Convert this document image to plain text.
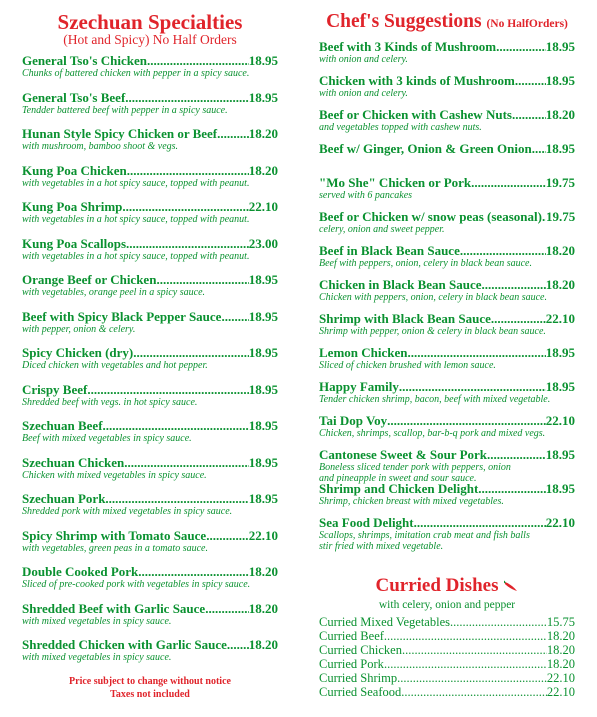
Szechuan Specialties
(Hot and Spicy) No Half Orders
General Tso's Chicken .....	18.95
Chunks of battered chicken with pepper in a spicy sauce.
General Tso's Beef .....	18.95
Tendder battered beef with pepper in a spicy sauce.
Hunan Style Spicy Chicken or Beef ..... 18.20
with mushroom, bamboo shoot & vegs.
Kung Poa Chicken .....	18.20
with vegetables in a hot spicy sauce, topped with peanut.
Kung Poa Shrimp .....	22.10
with vegetables in a hot spicy sauce, topped with peanut.
Kung Poa Scallops .....	23.00
with vegetables in a hot spicy sauce, topped with peanut.
Orange Beef or Chicken .....	18.95
with vegetables, orange peel in a spicy sauce.
Beef with Spicy Black Pepper Sauce ..... 18.95
with pepper, onion & celery.
Spicy Chicken (dry) .....	18.95
Diced chicken with vegetables and hot pepper.
Crispy Beef .....	18.95
Shredded beef with vegs. in hot spicy sauce.
Szechuan Beef .....	18.95
Beef with mixed vegetables in spicy sauce.
Szechuan Chicken .....	18.95
Chicken with mixed vegetables in spicy sauce.
Szechuan Pork .....	18.95
Shredded pork with mixed vegetables in spicy sauce.
Spicy Shrimp with Tomato Sauce .....	22.10
with vegetables, green peas in a tomato sauce.
Double Cooked Pork .....	18.20
Sliced of pre-cooked pork with vegetables in spicy sauce.
Shredded Beef with Garlic Sauce .....	18.20
with mixed vegetables in spicy sauce.
Shredded Chicken with Garlic Sauce ..... 18.20
with mixed vegetables in spicy sauce.
Price subject to change without notice
Taxes not included
Chef's Suggestions (No HalfOrders)
Beef with 3 Kinds of Mushroom .....	18.95
with onion and celery.
Chicken with 3 kinds of Mushroom ..... 18.95
with onion and celery.
Beef or Chicken with Cashew Nuts .....	18.20
and vegetables topped with cashew nuts.
Beef w/ Ginger, Onion & Green Onion ..... 18.95
"Mo She" Chicken or Pork .....	19.75
served with 6 pancakes
Beef or Chicken w/ snow peas (seasonal) ..... 19.75
celery, onion and sweet pepper.
Beef in Black Bean Sauce .....	18.20
Beef with peppers, onion, celery in black bean sauce.
Chicken in Black Bean Sauce .....	18.20
Chicken with peppers, onion, celery in black bean sauce.
Shrimp with Black Bean Sauce .....	22.10
Shrimp with pepper, onion & celery in black bean sauce.
Lemon Chicken .....	18.95
Sliced of chicken brushed with lemon sauce.
Happy Family .....	18.95
Tender chicken shrimp, bacon, beef with mixed vegetable.
Tai Dop Voy .....	22.10
Chicken, shrimps, scallop, bar-b-q pork and mixed vegs.
Cantonese Sweet & Sour Pork .....	18.95
Boneless sliced tender pork with peppers, onion
and pineapple in sweet and sour sauce.
Shrimp and Chicken Delight .....	18.95
Shrimp, chicken breast with mixed vegetables.
Sea Food Delight .....	22.10
Scallops, shrimps, imitation crab meat and fish balls
stir fried with mixed vegetable.
Curried Dishes
with celery, onion and pepper
Curried Mixed Vegetables .....	15.75
Curried Beef .....	18.20
Curried Chicken .....	18.20
Curried Pork .....	18.20
Curried Shrimp .....	22.10
Curried Seafood .....	22.10
